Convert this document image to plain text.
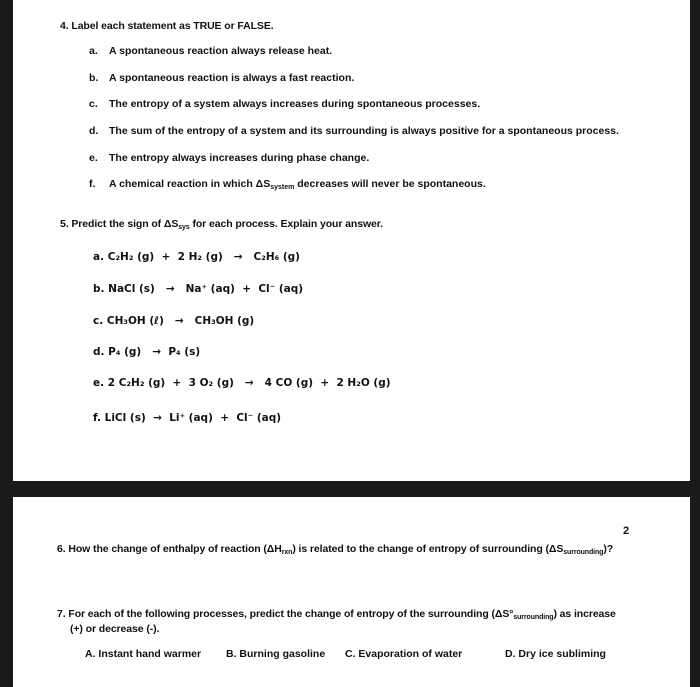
4. Label each statement as TRUE or FALSE.
a. A spontaneous reaction always release heat.
b. A spontaneous reaction is always a fast reaction.
c. The entropy of a system always increases during spontaneous processes.
d. The sum of the entropy of a system and its surrounding is always positive for a spontaneous process.
e. The entropy always increases during phase change.
f. A chemical reaction in which $\Delta S_{system}$ decreases will never be spontaneous.
5. Predict the sign of $\Delta S_{sys}$ for each process. Explain your answer.
a. C₂H₂ (g) + 2 H₂ (g) → C₂H₆ (g)
b. NaCl (s) → Na⁺ (aq) + Cl⁻ (aq)
c. CH₃OH (ℓ) → CH₃OH (g)
d. P₄ (g) → P₄ (s)
e. 2 C₂H₂ (g) + 3 O₂ (g) → 4 CO (g) + 2 H₂O (g)
f. LiCl (s) → Li⁺ (aq) + Cl⁻ (aq)
2
6. How the change of enthalpy of reaction $(\Delta H_{rxn})$ is related to the change of entropy of surrounding $(\Delta S_{surrounding})$?
7. For each of the following processes, predict the change of entropy of the surrounding $(\Delta S^\circ_{surrounding})$ as increase
(+) or decrease (-).
A. Instant hand warmer B. Burning gasoline C. Evaporation of water	D. Dry ice subliming
